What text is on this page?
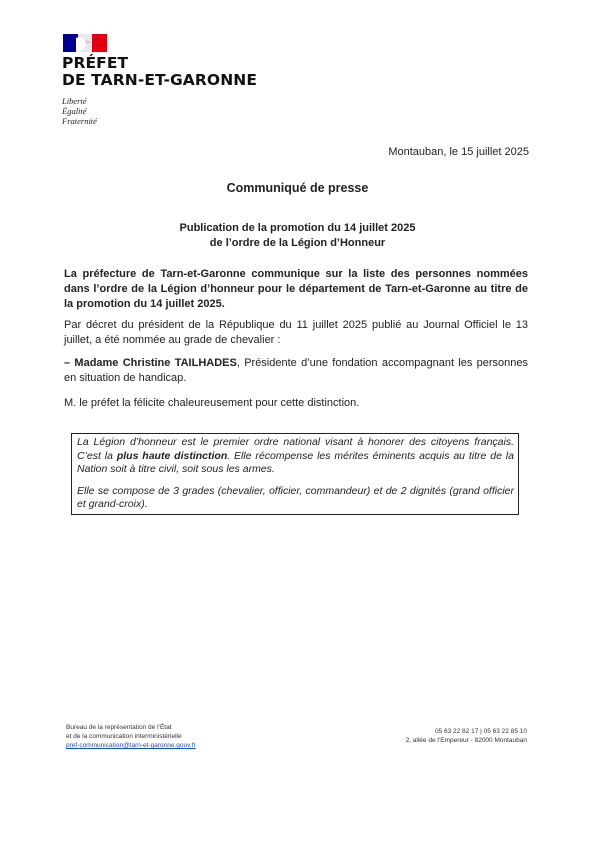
PRÉFET
DE TARN-ET-GARONNE
Liberté
Égalité
Fraternité
Montauban, le 15 juillet 2025
Communiqué de presse
Publication de la promotion du 14 juillet 2025
de l’ordre de la Légion d’Honneur
La préfecture de Tarn-et-Garonne communique sur la liste des personnes nommées dans l’ordre de la Légion d’honneur pour le département de Tarn-et-Garonne au titre de la promotion du 14 juillet 2025.
Par décret du président de la République du 11 juillet 2025 publié au Journal Officiel le 13 juillet, a été nommée au grade de chevalier :
– Madame Christine TAILHADES, Présidente d’une fondation accompagnant les personnes en situation de handicap.
M. le préfet la félicite chaleureusement pour cette distinction.

La Légion d’honneur est le premier ordre national visant à honorer des citoyens français. C’est la plus haute distinction. Elle récompense les mérites éminents acquis au titre de la Nation soit à titre civil, soit sous les armes.

Elle se compose de 3 grades (chevalier, officier, commandeur) et de 2 dignités (grand officier et grand-croix).

Bureau de la représentation de l’État
et de la communication interministérielle
pref-communication@tarn-et-garonne.gouv.fr
05 63 22 82 17 | 05 63 22 85 10
2, allée de l’Empereur - 82000 Montauban
